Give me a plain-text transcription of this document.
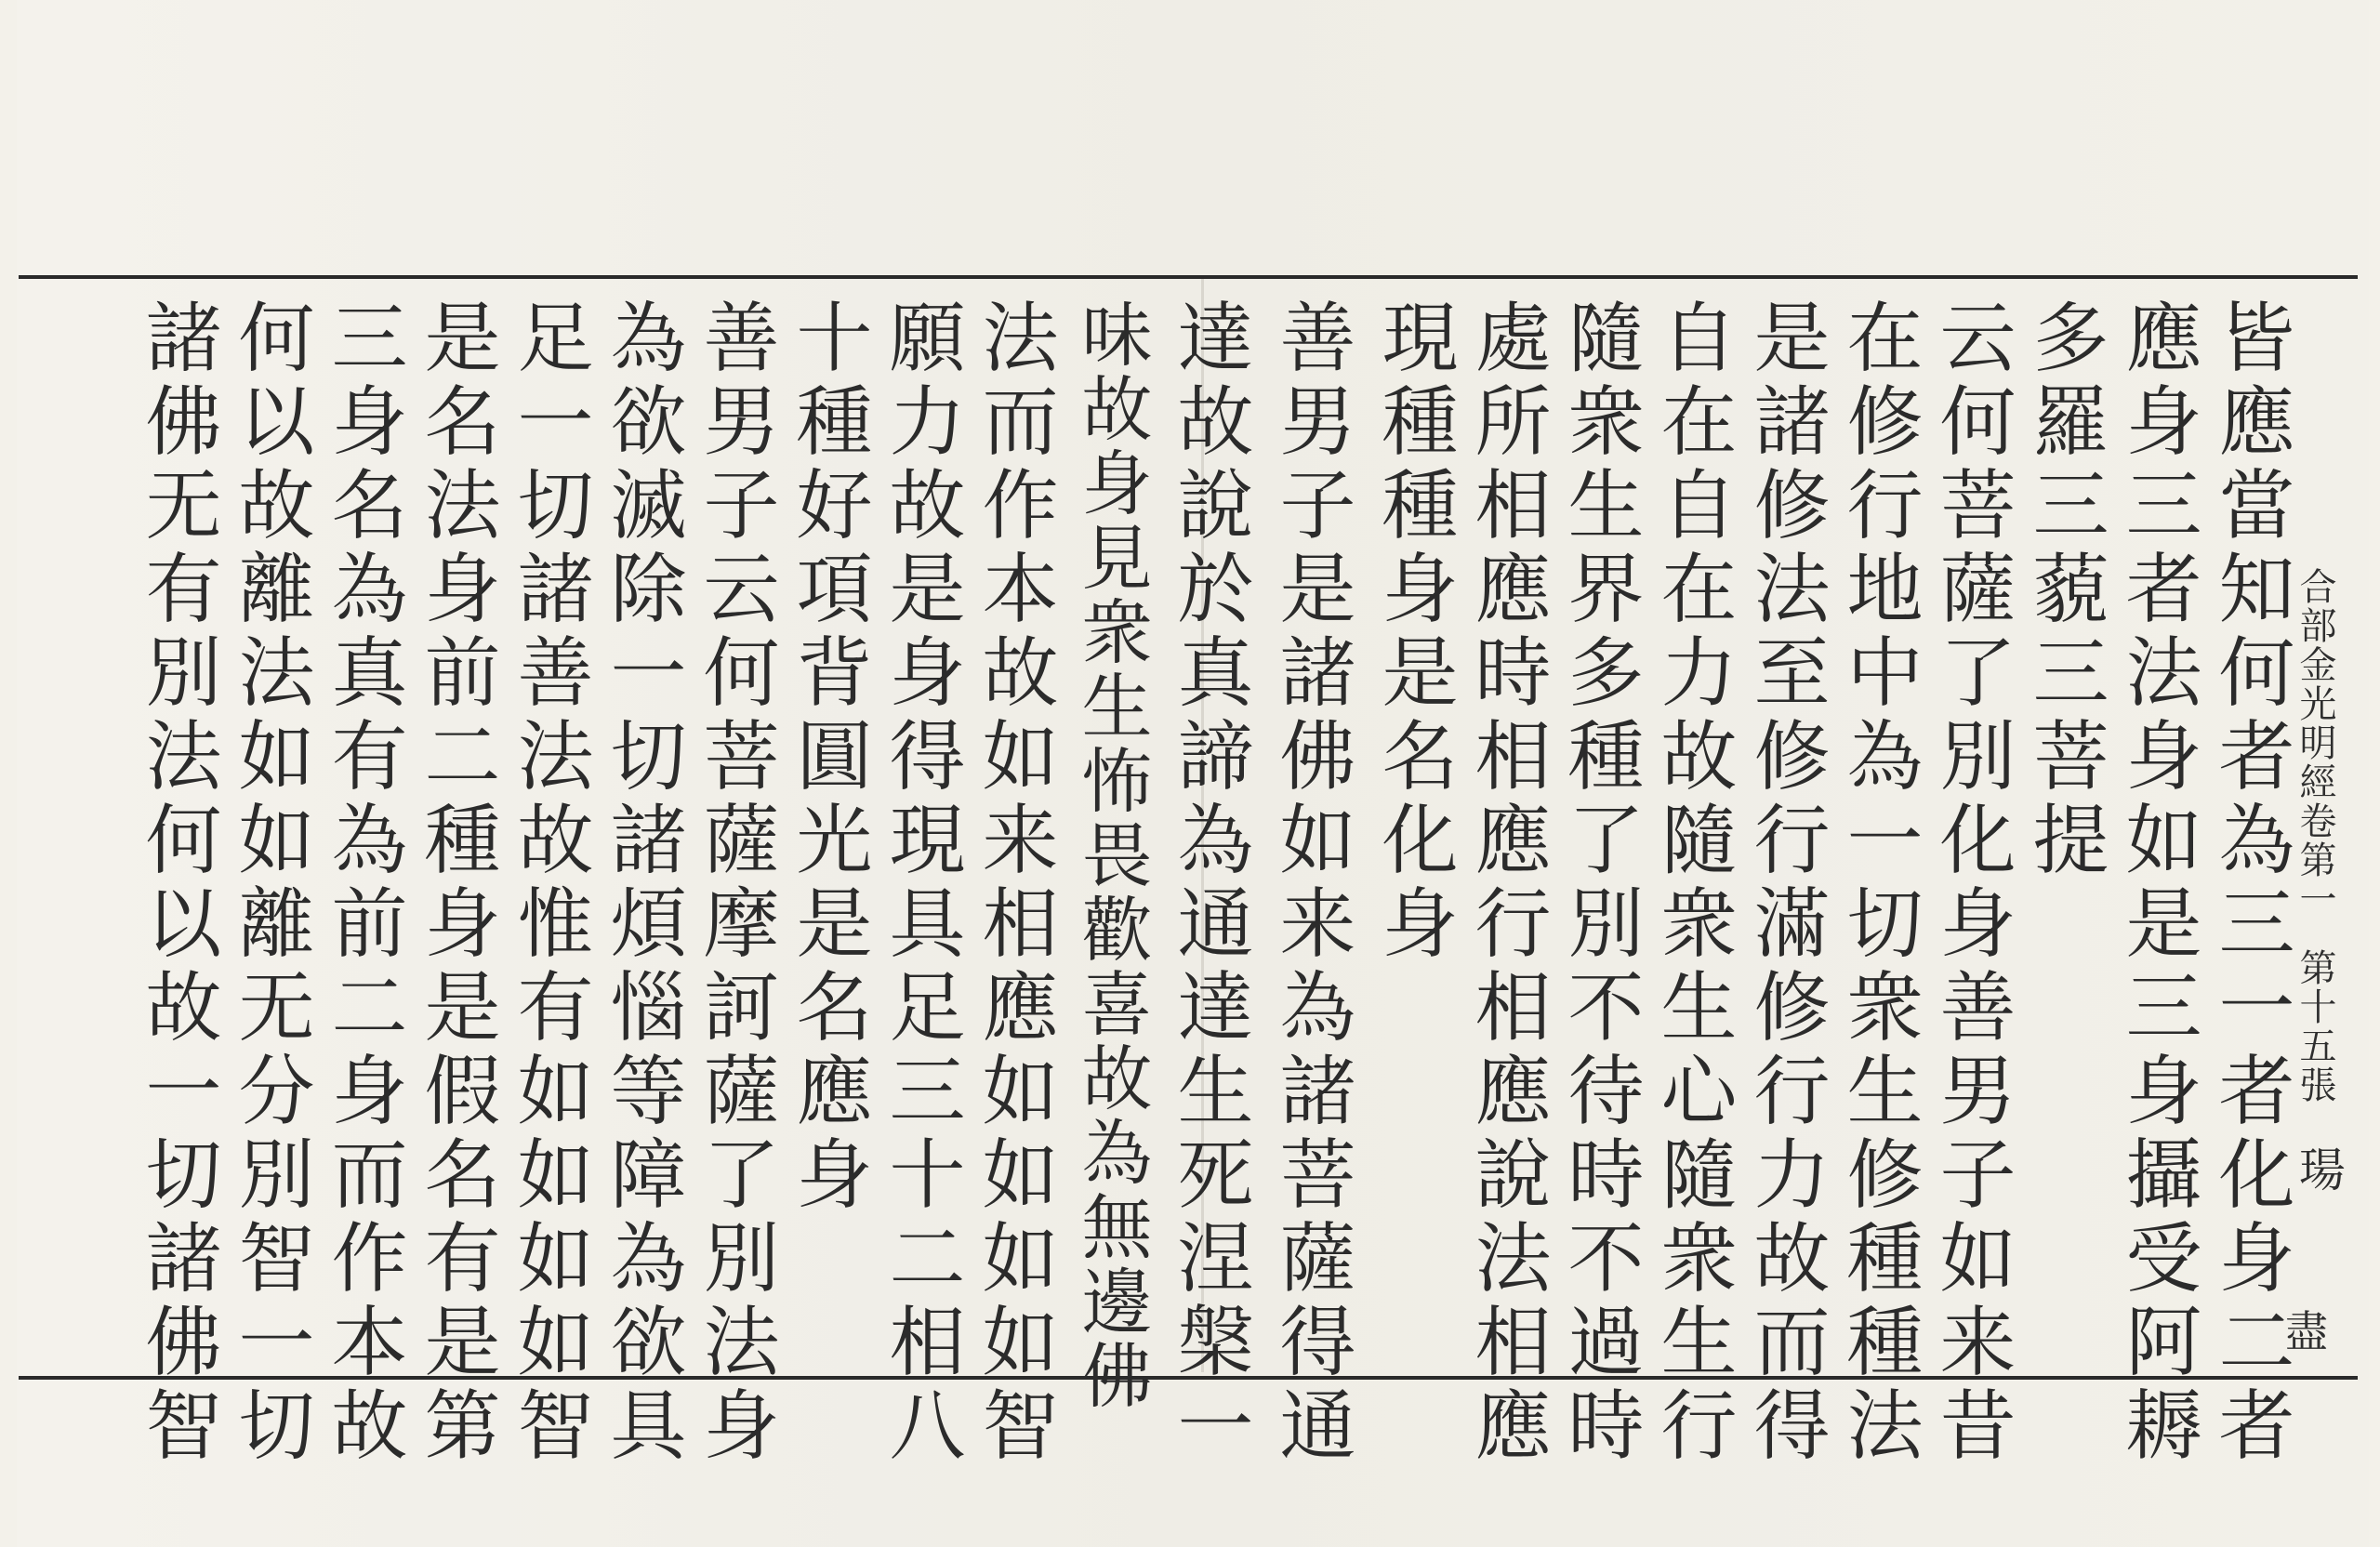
皆應當知何者為三一者化身二者
應身三者法身如是三身攝受阿耨
多羅三藐三菩提
云何菩薩了別化身善男子如来昔
在修行地中為一切衆生修種種法
是諸修法至修行滿修行力故而得
自在自在力故隨衆生心隨衆生行
隨衆生界多種了別不待時不過時
處所相應時相應行相應說法相應
現種種身是名化身
善男子是諸佛如来為諸菩薩得通
達故說於真諦為通達生死涅槃一
味故身見衆生怖畏歡喜故為無邊佛
法而作本故如来相應如如如如智
願力故是身得現具足三十二相八
十種好項背圓光是名應身
善男子云何菩薩摩訶薩了別法身
為欲滅除一切諸煩惱等障為欲具
足一切諸善法故惟有如如如如智
是名法身前二種身是假名有是第
三身名為真有為前二身而作本故
何以故離法如如離无分別智一切
諸佛无有別法何以故一切諸佛智	合部金光明經卷第一
第十五張
瑒
盡
